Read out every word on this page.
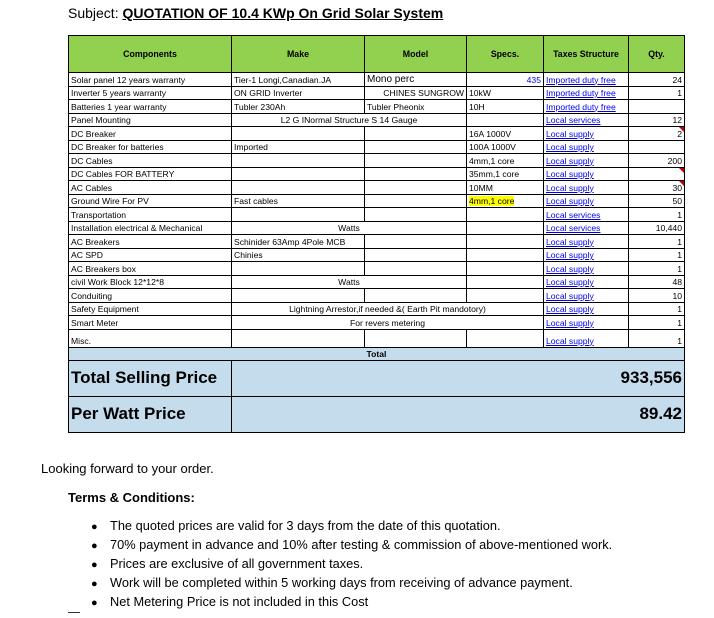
Subject: QUOTATION OF 10.4 KWp On Grid Solar System
Components	Make	Model	Specs.	Taxes Structure	Qty.
Solar panel 12 years warranty	Tier-1 Longi,Canadian.JA	Mono perc	435	Imported duty free	24
Inverter 5 years warranty	ON GRID Inverter	CHINES SUNGROW	10kW	Imported duty free	1
Batteries 1 year warranty	Tubler 230Ah	Tubler Pheonix	10H	Imported duty free	
Panel Mounting	L2 G INormal Structure S 14 Gauge			Local services	12
DC Breaker			16A 1000V	Local supply	2
DC Breaker for batteries	Imported		100A 1000V	Local supply	
DC Cables			4mm,1 core	Local supply	200
DC Cables FOR BATTERY			35mm,1 core	Local supply	
AC Cables			10MM	Local supply	30
Ground Wire For PV	Fast cables		4mm,1 core	Local supply	50
Transportation				Local services	1
Installation electrical & Mechanical	Watts			Local services	10,440
AC Breakers	Schinider 63Amp 4Pole MCB			Local supply	1
AC SPD	Chinies			Local supply	1
AC Breakers box				Local supply	1
civil Work Block 12*12*8	Watts			Local supply	48
Conduiting				Local supply	10
Safety Equipment	Lightning Arrestor,if needed &( Earth Pit mandotory)			Local supply	1
Smart Meter	For revers metering			Local supply	1
Misc.				Local supply	1
Total					
Total Selling Price	933,556				
Per Watt Price	89.42				
Looking forward to your order.
Terms & Conditions:
● The quoted prices are valid for 3 days from the date of this quotation.
● 70% payment in advance and 10% after testing & commission of above-mentioned work.
● Prices are exclusive of all government taxes.
● Work will be completed within 5 working days from receiving of advance payment.
● Net Metering Price is not included in this Cost
